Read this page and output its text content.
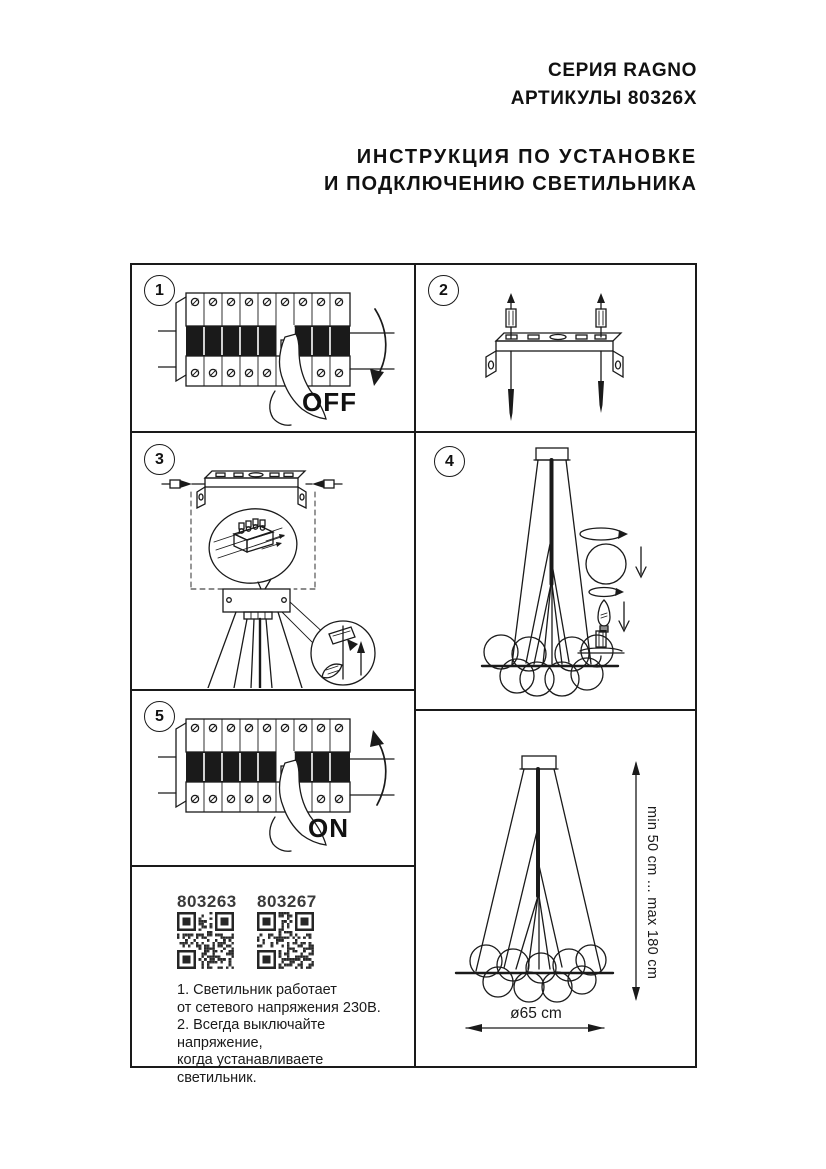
СЕРИЯ RAGNO
АРТИКУЛЫ 80326X
ИНСТРУКЦИЯ ПО УСТАНОВКЕ
И ПОДКЛЮЧЕНИЮ СВЕТИЛЬНИКА
1
OFF
2
3	4
5
ON
803263 803267
1. Светильник работает
от сетевого напряжения 230В.
2. Всегда выключайте напряжение,
когда устанавливаете светильник.
min 50 cm ... max 180 cm
ø65 cm
